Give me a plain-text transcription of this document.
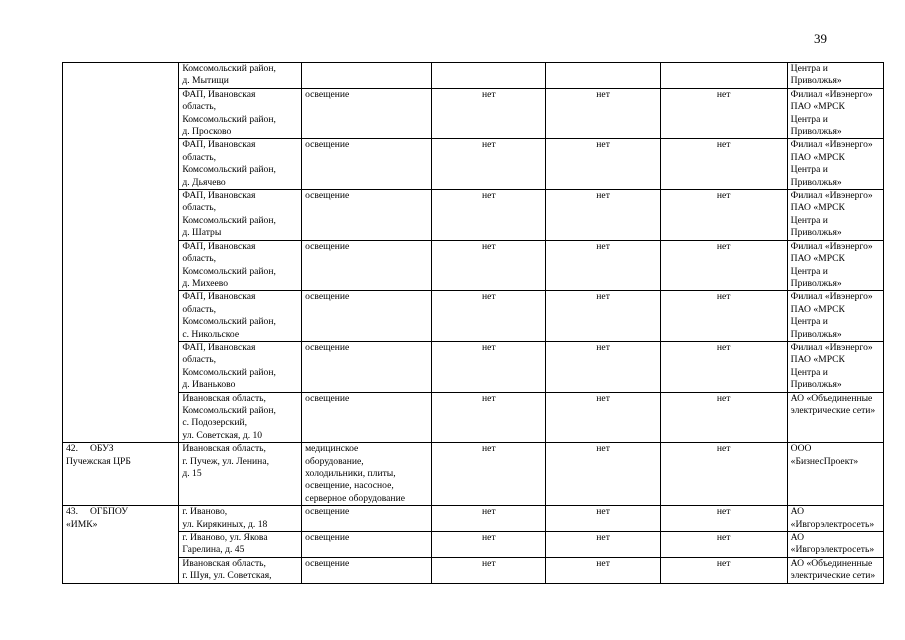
39

	Комсомольский район,
д. Мытищи					Центра и
Приволжья»

	ФАП, Ивановская
область,
Комсомольский район,
д. Просково	освещение	нет	нет	нет	Филиал «Ивэнерго»
ПАО «МРСК
Центра и
Приволжья»

	ФАП, Ивановская
область,
Комсомольский район,
д. Дьячево	освещение	нет	нет	нет	Филиал «Ивэнерго»
ПАО «МРСК
Центра и
Приволжья»

	ФАП, Ивановская
область,
Комсомольский район,
д. Шатры	освещение	нет	нет	нет	Филиал «Ивэнерго»
ПАО «МРСК
Центра и
Приволжья»

	ФАП, Ивановская
область,
Комсомольский район,
д. Михеево	освещение	нет	нет	нет	Филиал «Ивэнерго»
ПАО «МРСК
Центра и
Приволжья»

	ФАП, Ивановская
область,
Комсомольский район,
с. Никольское	освещение	нет	нет	нет	Филиал «Ивэнерго»
ПАО «МРСК
Центра и
Приволжья»

	ФАП, Ивановская
область,
Комсомольский район,
д. Иваньково	освещение	нет	нет	нет	Филиал «Ивэнерго»
ПАО «МРСК
Центра и
Приволжья»

	Ивановская область,
Комсомольский район,
с. Подозерский,
ул. Советская, д. 10	освещение	нет	нет	нет	АО «Объединенные
электрические сети»

42. ОБУЗ
Пучежская ЦРБ	Ивановская область,
г. Пучеж, ул. Ленина,
д. 15	медицинское
оборудование,
холодильники, плиты,
освещение, насосное,
серверное оборудование	нет	нет	нет	ООО
«БизнесПроект»

43. ОГБПОУ
«ИМК»	г. Иваново,
ул. Кирякиных, д. 18	освещение	нет	нет	нет	АО
«Ивгорэлектросеть»

	г. Иваново, ул. Якова
Гарелина, д. 45	освещение	нет	нет	нет	АО
«Ивгорэлектросеть»

	Ивановская область,
г. Шуя, ул. Советская,	освещение	нет	нет	нет	АО «Объединенные
электрические сети»
